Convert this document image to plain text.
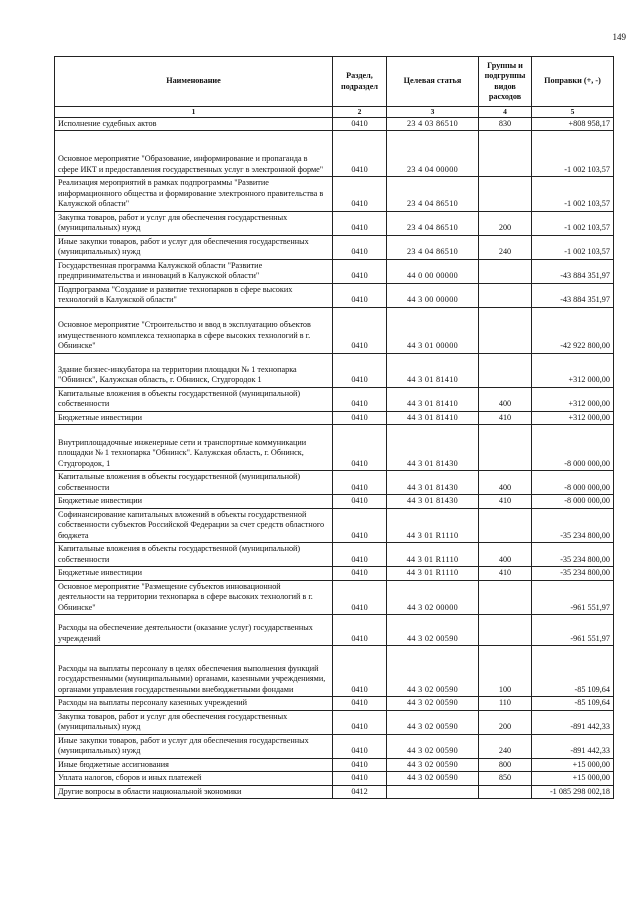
149
Наименование	Раздел, подраздел	Целевая статья	Группы и подгруппы видов расходов	Поправки (+, -)
1	2	3	4	5
Исполнение судебных актов	0410	23 4 03 86510	830	+808 958,17
Основное мероприятие "Образование, информирование и пропаганда в сфере ИКТ и предоставления государственных услуг в электронной форме"	0410	23 4 04 00000		-1 002 103,57
Реализация мероприятий в рамках подпрограммы "Развитие информационного общества и формирование электронного правительства в Калужской области"	0410	23 4 04 86510		-1 002 103,57
Закупка товаров, работ и услуг для обеспечения государственных (муниципальных) нужд	0410	23 4 04 86510	200	-1 002 103,57
Иные закупки товаров, работ и услуг для обеспечения государственных (муниципальных) нужд	0410	23 4 04 86510	240	-1 002 103,57
Государственная программа Калужской области "Развитие предпринимательства и инноваций в Калужской области"	0410	44 0 00 00000		-43 884 351,97
Подпрограмма "Создание и развитие технопарков в сфере высоких технологий в Калужской области"	0410	44 3 00 00000		-43 884 351,97
Основное мероприятие "Строительство и ввод в эксплуатацию объектов имущественного комплекса технопарка в сфере высоких технологий в г. Обнинске"	0410	44 3 01 00000		-42 922 800,00
Здание бизнес-инкубатора на территории площадки № 1 технопарка "Обнинск", Калужская область, г. Обнинск, Студгородок 1	0410	44 3 01 81410		+312 000,00
Капитальные вложения в объекты государственной (муниципальной) собственности	0410	44 3 01 81410	400	+312 000,00
Бюджетные инвестиции	0410	44 3 01 81410	410	+312 000,00
Внутриплощадочные инженерные сети и транспортные коммуникации площадки № 1 технопарка "Обнинск". Калужская область, г. Обнинск, Студгородок, 1	0410	44 3 01 81430		-8 000 000,00
Капитальные вложения в объекты государственной (муниципальной) собственности	0410	44 3 01 81430	400	-8 000 000,00
Бюджетные инвестиции	0410	44 3 01 81430	410	-8 000 000,00
Софинансирование капитальных вложений в объекты государственной собственности субъектов Российской Федерации за счет средств областного бюджета	0410	44 3 01 R1110		-35 234 800,00
Капитальные вложения в объекты государственной (муниципальной) собственности	0410	44 3 01 R1110	400	-35 234 800,00
Бюджетные инвестиции	0410	44 3 01 R1110	410	-35 234 800,00
Основное мероприятие "Размещение субъектов инновационной деятельности на территории технопарка в сфере высоких технологий в г. Обнинске"	0410	44 3 02 00000		-961 551,97
Расходы на обеспечение деятельности (оказание услуг) государственных учреждений	0410	44 3 02 00590		-961 551,97
Расходы на выплаты персоналу в целях обеспечения выполнения функций государственными (муниципальными) органами, казенными учреждениями, органами управления государственными внебюджетными фондами	0410	44 3 02 00590	100	-85 109,64
Расходы на выплаты персоналу казенных учреждений	0410	44 3 02 00590	110	-85 109,64
Закупка товаров, работ и услуг для обеспечения государственных (муниципальных) нужд	0410	44 3 02 00590	200	-891 442,33
Иные закупки товаров, работ и услуг для обеспечения государственных (муниципальных) нужд	0410	44 3 02 00590	240	-891 442,33
Иные бюджетные ассигнования	0410	44 3 02 00590	800	+15 000,00
Уплата налогов, сборов и иных платежей	0410	44 3 02 00590	850	+15 000,00
Другие вопросы в области национальной экономики	0412			-1 085 298 002,18
